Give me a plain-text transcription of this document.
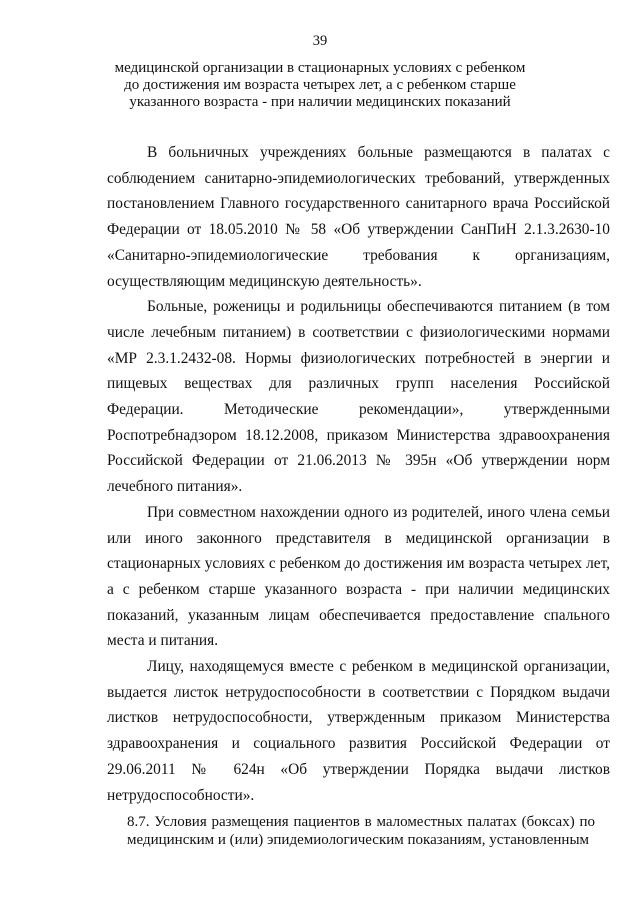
39
медицинской организации в стационарных условиях с ребенком до достижения им возраста четырех лет, а с ребенком старше указанного возраста - при наличии медицинских показаний

В больничных учреждениях больные размещаются в палатах с соблюдением санитарно-эпидемиологических требований, утвержденных постановлением Главного государственного санитарного врача Российской Федерации от 18.05.2010 № 58 «Об утверждении СанПиН 2.1.3.2630-10 «Санитарно-эпидемиологические требования к организациям, осуществляющим медицинскую деятельность».

Больные, роженицы и родильницы обеспечиваются питанием (в том числе лечебным питанием) в соответствии с физиологическими нормами «МР 2.3.1.2432-08. Нормы физиологических потребностей в энергии и пищевых веществах для различных групп населения Российской Федерации. Методические рекомендации», утвержденными Роспотребнадзором 18.12.2008, приказом Министерства здравоохранения Российской Федерации от 21.06.2013 № 395н «Об утверждении норм лечебного питания».

При совместном нахождении одного из родителей, иного члена семьи или иного законного представителя в медицинской организации в стационарных условиях с ребенком до достижения им возраста четырех лет, а с ребенком старше указанного возраста - при наличии медицинских показаний, указанным лицам обеспечивается предоставление спального места и питания.

Лицу, находящемуся вместе с ребенком в медицинской организации, выдается листок нетрудоспособности в соответствии с Порядком выдачи листков нетрудоспособности, утвержденным приказом Министерства здравоохранения и социального развития Российской Федерации от 29.06.2011 № 624н «Об утверждении Порядка выдачи листков нетрудоспособности».

8.7. Условия размещения пациентов в маломестных палатах (боксах) по медицинским и (или) эпидемиологическим показаниям, установленным
